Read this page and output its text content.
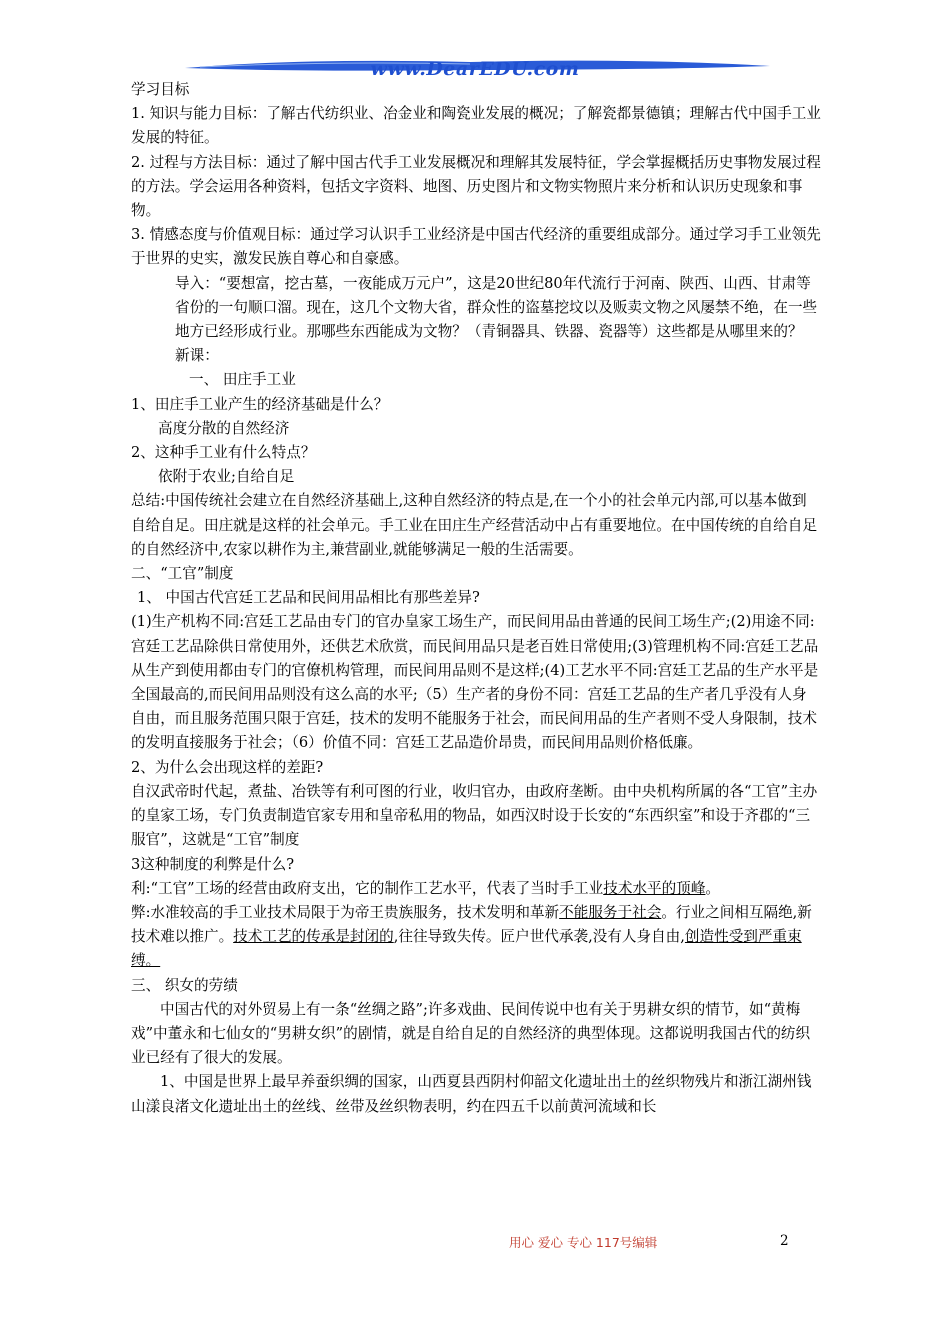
www.DearEDU.com

学习目标

1. 知识与能力目标：了解古代纺织业、冶金业和陶瓷业发展的概况；了解瓷都景德镇；理解古代中国手工业发展的特征。

2. 过程与方法目标：通过了解中国古代手工业发展概况和理解其发展特征，学会掌握概括历史事物发展过程的方法。学会运用各种资料，包括文字资料、地图、历史图片和文物实物照片来分析和认识历史现象和事物。

3. 情感态度与价值观目标：通过学习认识手工业经济是中国古代经济的重要组成部分。通过学习手工业领先于世界的史实，激发民族自尊心和自豪感。

导入：“要想富，挖古墓，一夜能成万元户”，这是20世纪80年代流行于河南、陕西、山西、甘肃等省份的一句顺口溜。现在，这几个文物大省，群众性的盗墓挖坟以及贩卖文物之风屡禁不绝，在一些地方已经形成行业。那哪些东西能成为文物？（青铜器具、铁器、瓷器等）这些都是从哪里来的？

新课：

一、 田庄手工业

1、田庄手工业产生的经济基础是什么？

高度分散的自然经济

2、这种手工业有什么特点？

依附于农业;自给自足

总结:中国传统社会建立在自然经济基础上,这种自然经济的特点是,在一个小的社会单元内部,可以基本做到自给自足。田庄就是这样的社会单元。手工业在田庄生产经营活动中占有重要地位。在中国传统的自给自足的自然经济中,农家以耕作为主,兼营副业,就能够满足一般的生活需要。

二、“工官”制度

1、 中国古代宫廷工艺品和民间用品相比有那些差异?

(1)生产机构不同:宫廷工艺品由专门的官办皇家工场生产，而民间用品由普通的民间工场生产;(2)用途不同:宫廷工艺品除供日常使用外，还供艺术欣赏，而民间用品只是老百姓日常使用;(3)管理机构不同:宫廷工艺品从生产到使用都由专门的官僚机构管理，而民间用品则不是这样;(4)工艺水平不同:宫廷工艺品的生产水平是全国最高的,而民间用品则没有这么高的水平;（5）生产者的身份不同：宫廷工艺品的生产者几乎没有人身自由，而且服务范围只限于宫廷，技术的发明不能服务于社会，而民间用品的生产者则不受人身限制，技术的发明直接服务于社会；（6）价值不同：宫廷工艺品造价昂贵，而民间用品则价格低廉。

2、为什么会出现这样的差距?

自汉武帝时代起，煮盐、冶铁等有利可图的行业，收归官办，由政府垄断。由中央机构所属的各“工官”主办的皇家工场，专门负责制造官家专用和皇帝私用的物品，如西汉时设于长安的“东西织室”和设于齐郡的“三服官”，这就是“工官”制度

3这种制度的利弊是什么?

利:“工官”工场的经营由政府支出，它的制作工艺水平，代表了当时手工业技术水平的顶峰。

弊:水准较高的手工业技术局限于为帝王贵族服务，技术发明和革新不能服务于社会。行业之间相互隔绝,新技术难以推广。技术工艺的传承是封闭的,往往导致失传。匠户世代承袭,没有人身自由,创造性受到严重束缚。

三、 织女的劳绩

中国古代的对外贸易上有一条“丝绸之路”;许多戏曲、民间传说中也有关于男耕女织的情节，如“黄梅戏”中董永和七仙女的“男耕女织”的剧情，就是自给自足的自然经济的典型体现。这都说明我国古代的纺织业已经有了很大的发展。

1、中国是世界上最早养蚕织绸的国家，山西夏县西阴村仰韶文化遗址出土的丝织物残片和浙江湖州钱山漾良渚文化遗址出土的丝线、丝带及丝织物表明，约在四五千以前黄河流域和长

用心 爱心 专心 117号编辑	2
